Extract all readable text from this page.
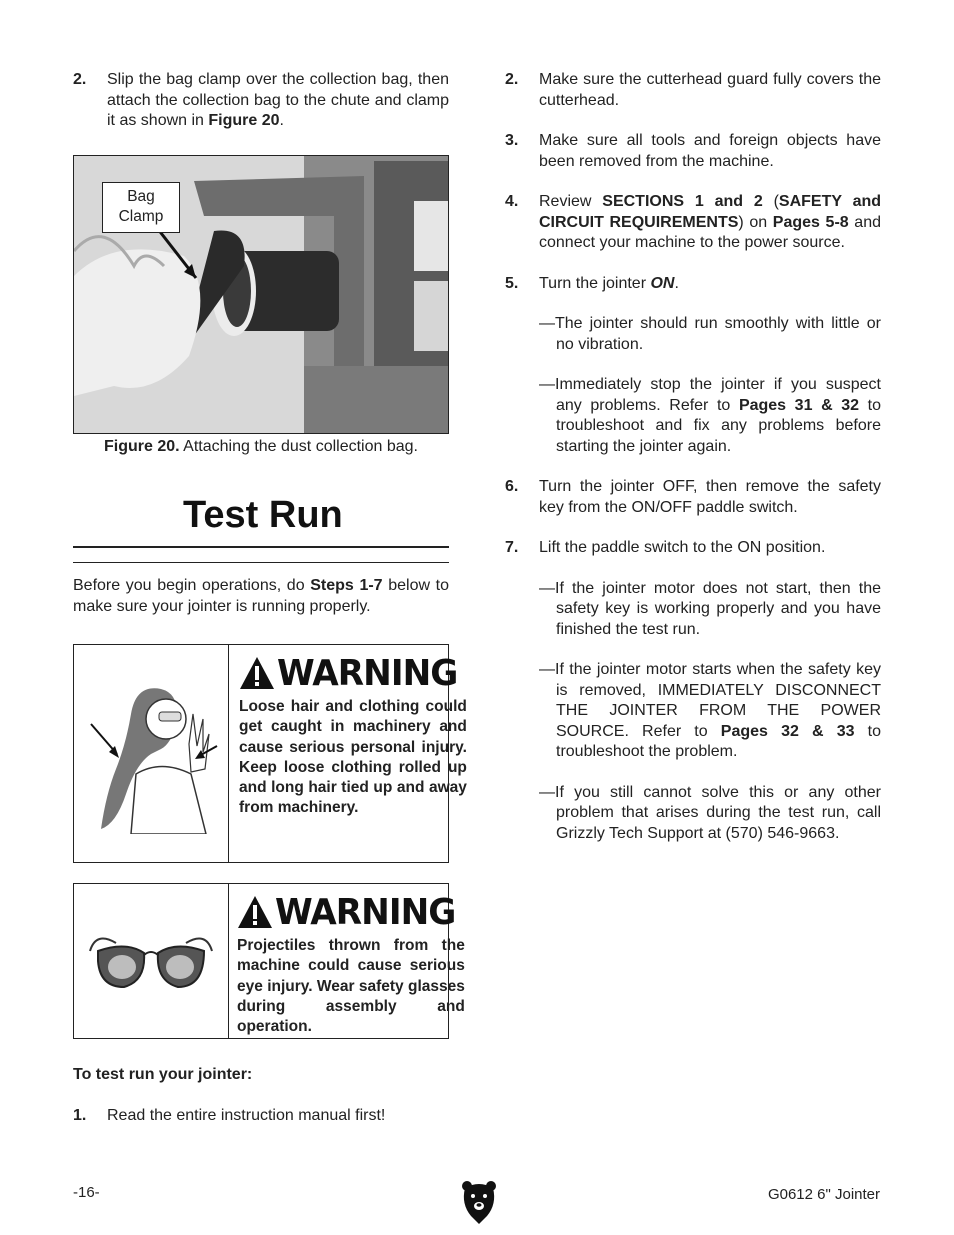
2.	Slip the bag clamp over the collection bag, then attach the collection bag to the chute and clamp it as shown in Figure 20.
Bag
Clamp
Figure 20. Attaching the dust collection bag.
Test Run
Before you begin operations, do Steps 1-7 below to make sure your jointer is running properly.
WARNING
Loose hair and clothing could get caught in machinery and cause serious personal injury. Keep loose clothing rolled up and long hair tied up and away from machinery.
WARNING
Projectiles thrown from the machine could cause serious eye injury. Wear safety glasses during assembly and operation.
To test run your jointer:
1.	Read the entire instruction manual first!
2.	Make sure the cutterhead guard fully covers the cutterhead.
3.	Make sure all tools and foreign objects have been removed from the machine.
4.	Review SECTIONS 1 and 2 (SAFETY and CIRCUIT REQUIREMENTS) on Pages 5-8 and connect your machine to the power source.
5.	Turn the jointer ON.
—The jointer should run smoothly with little or no vibration.
—Immediately stop the jointer if you suspect any problems. Refer to Pages 31 & 32 to troubleshoot and fix any problems before starting the jointer again.
6.	Turn the jointer OFF, then remove the safety key from the ON/OFF paddle switch.
7.	Lift the paddle switch to the ON position.
—If the jointer motor does not start, then the safety key is working properly and you have finished the test run.
—If the jointer motor starts when the safety key is removed, IMMEDIATELY DISCONNECT THE JOINTER FROM THE POWER SOURCE. Refer to Pages 32 & 33 to troubleshoot the problem.
—If you still cannot solve this or any other problem that arises during the test run, call Grizzly Tech Support at (570) 546-9663.
-16-	G0612 6" Jointer
